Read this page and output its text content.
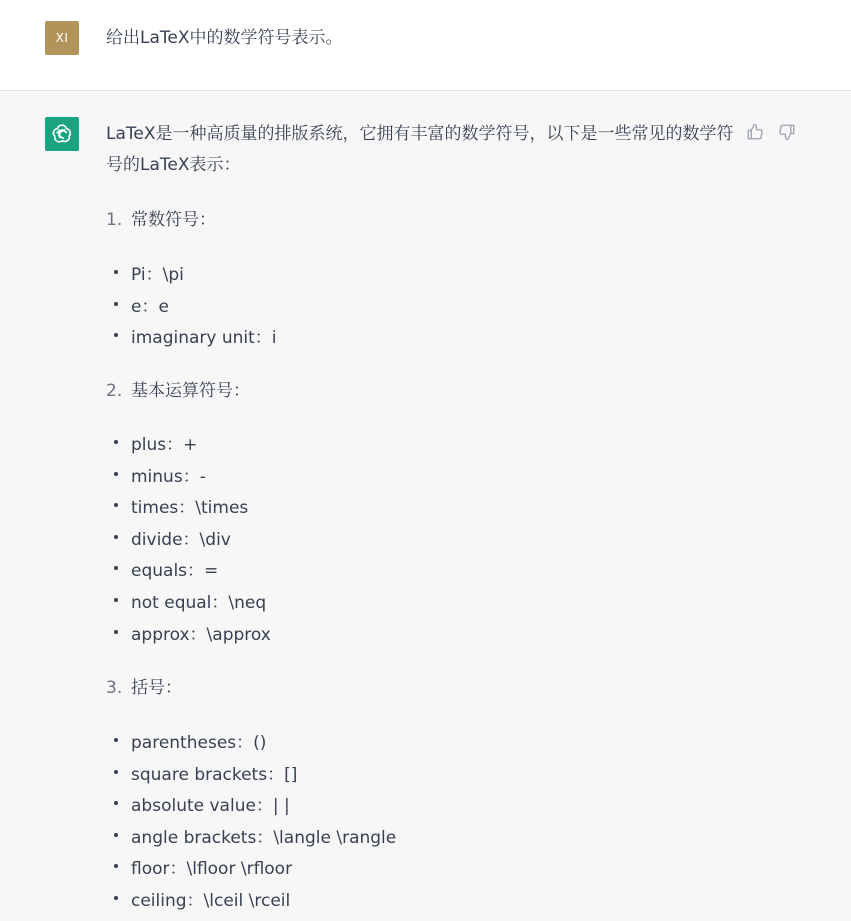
XI	给出LaTeX中的数学符号表示。

LaTeX是一种高质量的排版系统，它拥有丰富的数学符号，以下是一些常见的数学符号的LaTeX表示：

1. 常数符号：
Pi：\pi
e：e
imaginary unit：i
2. 基本运算符号：
plus：+
minus：-
times：\times
divide：\div
equals：=
not equal：\neq
approx：\approx
3. 括号：
parentheses：()
square brackets：[]
absolute value：| |
angle brackets：\langle \rangle
floor：\lfloor \rfloor
ceiling：\lceil \rceil
